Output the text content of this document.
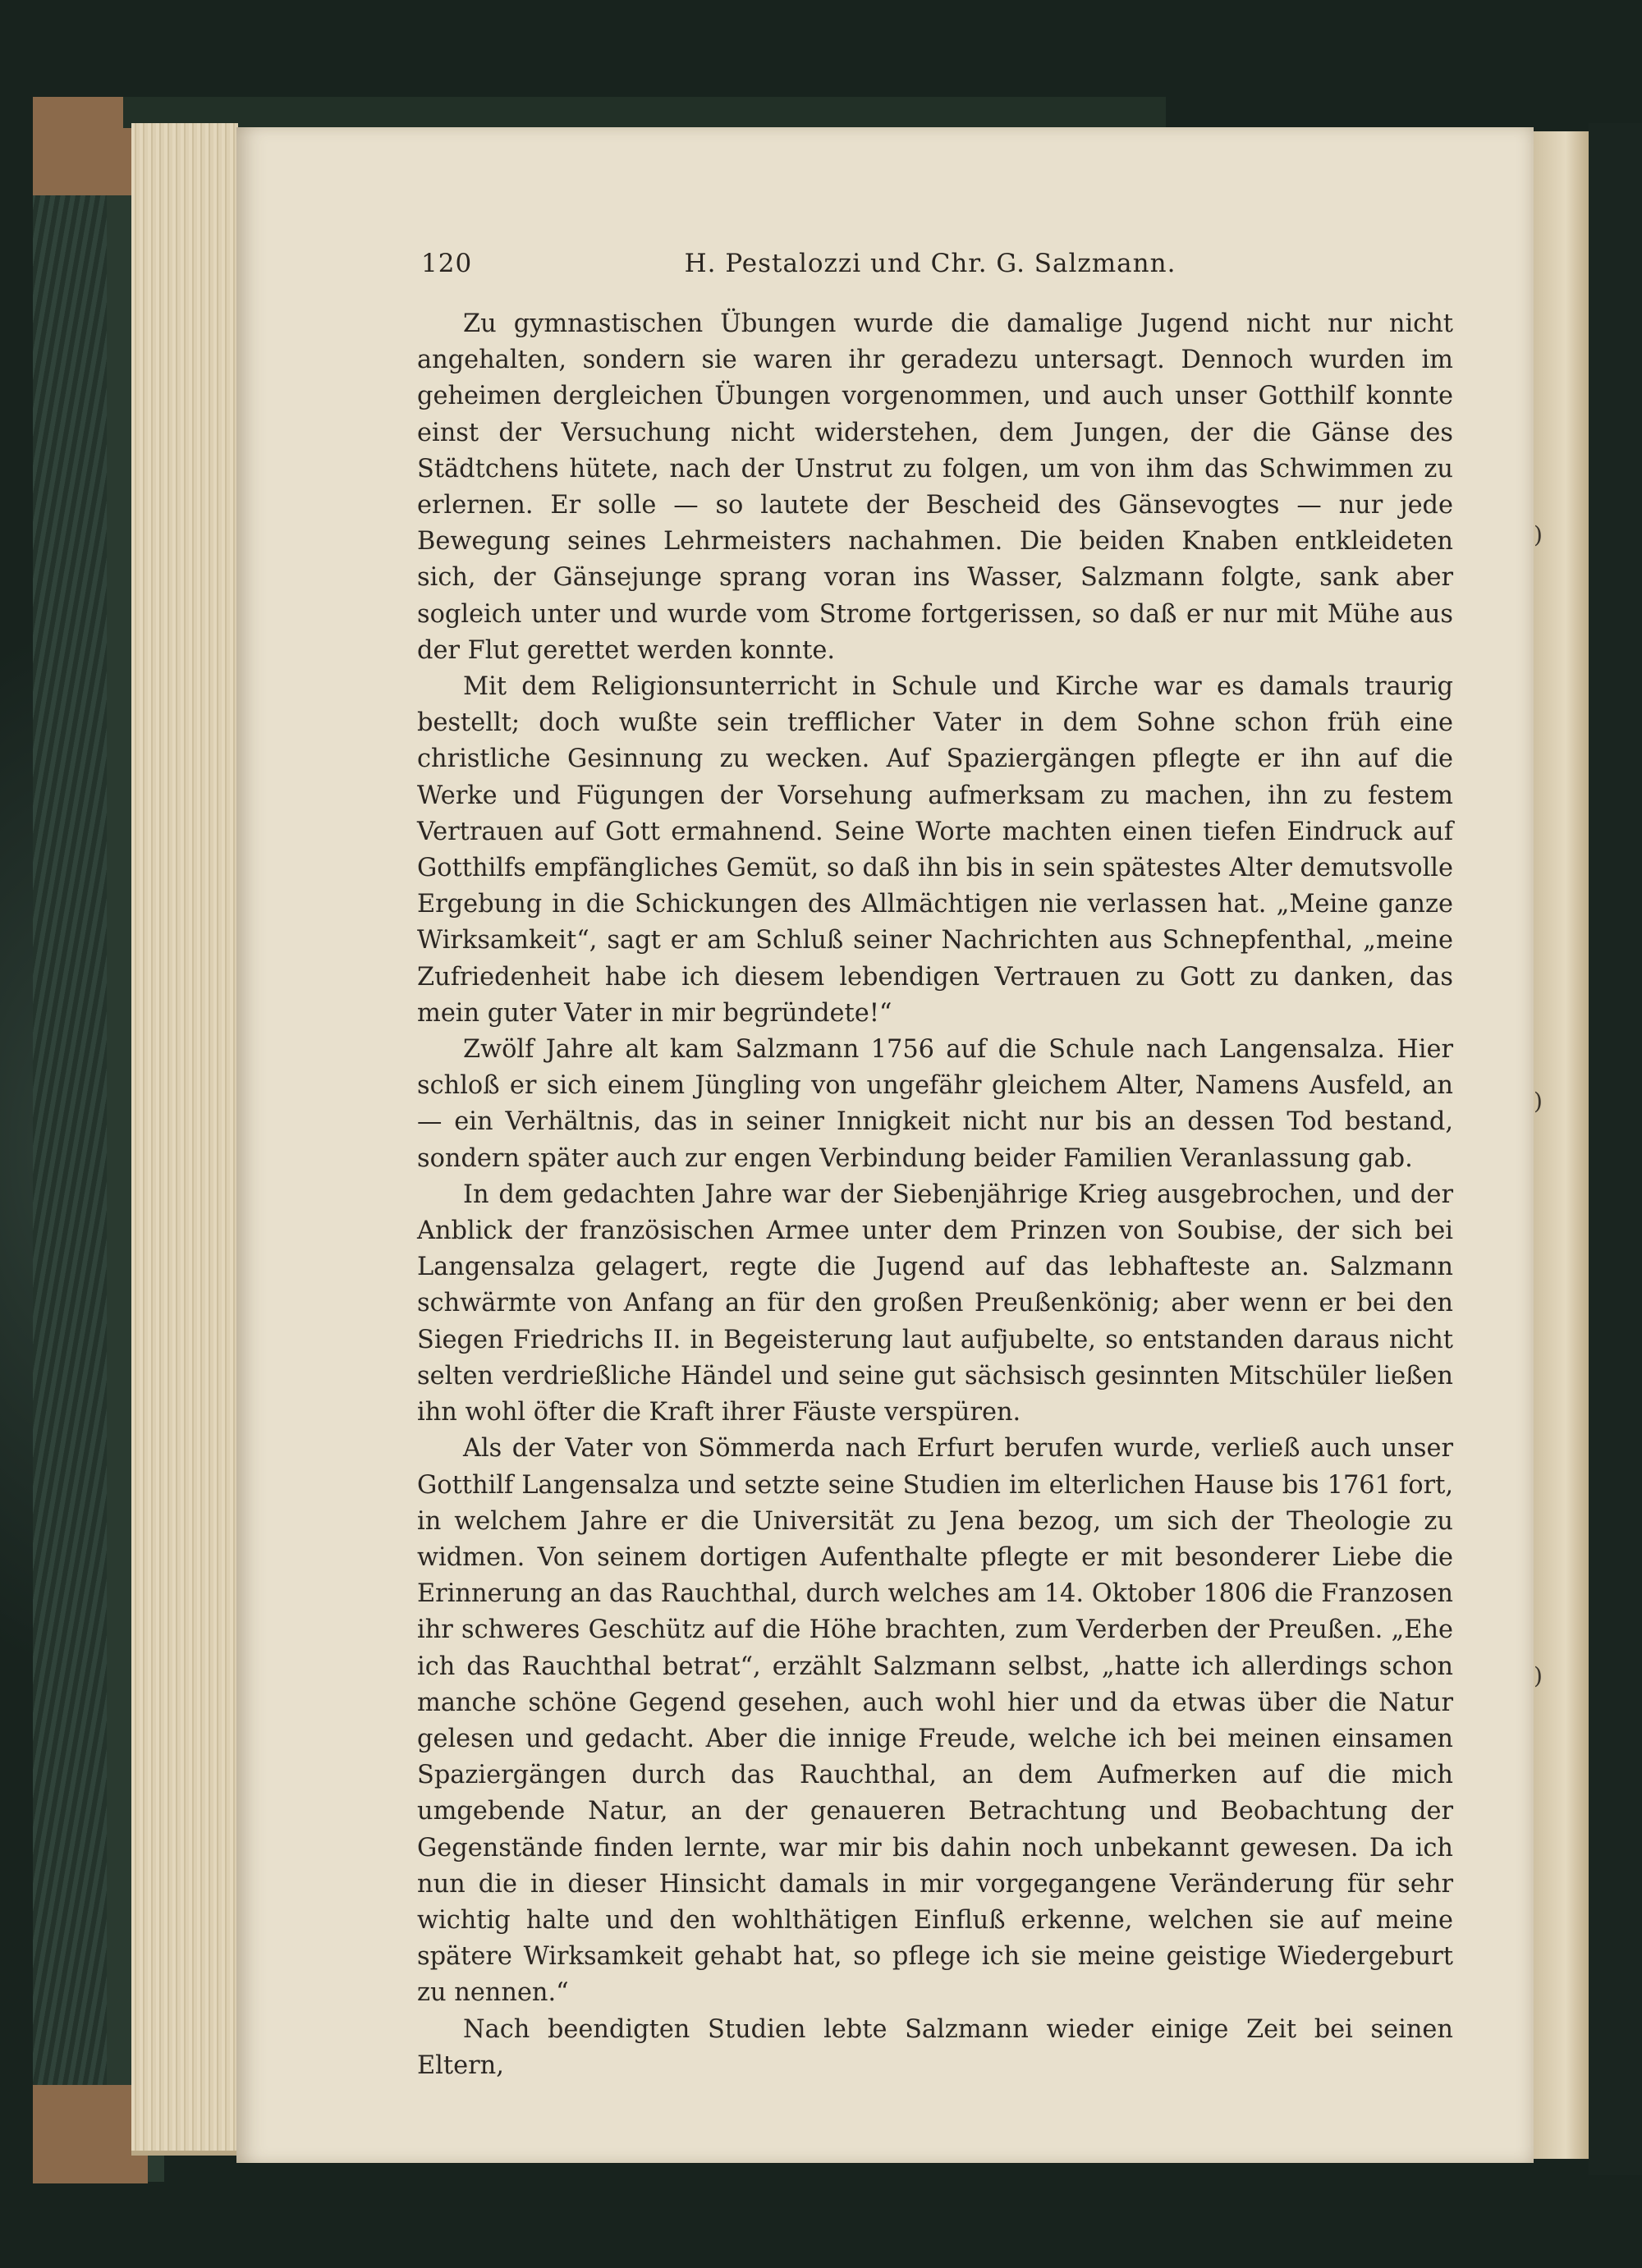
120	H. Pestalozzi und Chr. G. Salzmann.

Zu gymnastischen Übungen wurde die damalige Jugend nicht nur nicht angehalten, sondern sie waren ihr geradezu untersagt. Dennoch wurden im geheimen dergleichen Übungen vorgenommen, und auch unser Gotthilf konnte einst der Versuchung nicht widerstehen, dem Jungen, der die Gänse des Städtchens hütete, nach der Unstrut zu folgen, um von ihm das Schwimmen zu erlernen. Er solle — so lautete der Bescheid des Gänsevogtes — nur jede Bewegung seines Lehrmeisters nachahmen. Die beiden Knaben entkleideten sich, der Gänsejunge sprang voran ins Wasser, Salzmann folgte, sank aber sogleich unter und wurde vom Strome fortgerissen, so daß er nur mit Mühe aus der Flut gerettet werden konnte.

Mit dem Religionsunterricht in Schule und Kirche war es damals traurig bestellt; doch wußte sein trefflicher Vater in dem Sohne schon früh eine christliche Gesinnung zu wecken. Auf Spaziergängen pflegte er ihn auf die Werke und Fügungen der Vorsehung aufmerksam zu machen, ihn zu festem Vertrauen auf Gott ermahnend. Seine Worte machten einen tiefen Eindruck auf Gotthilfs empfängliches Gemüt, so daß ihn bis in sein spätestes Alter demutsvolle Ergebung in die Schickungen des Allmächtigen nie verlassen hat. „Meine ganze Wirksamkeit“, sagt er am Schluß seiner Nachrichten aus Schnepfenthal, „meine Zufriedenheit habe ich diesem lebendigen Vertrauen zu Gott zu danken, das mein guter Vater in mir begründete!“

Zwölf Jahre alt kam Salzmann 1756 auf die Schule nach Langensalza. Hier schloß er sich einem Jüngling von ungefähr gleichem Alter, Namens Ausfeld, an — ein Verhältnis, das in seiner Innigkeit nicht nur bis an dessen Tod bestand, sondern später auch zur engen Verbindung beider Familien Veranlassung gab.

In dem gedachten Jahre war der Siebenjährige Krieg ausgebrochen, und der Anblick der französischen Armee unter dem Prinzen von Soubise, der sich bei Langensalza gelagert, regte die Jugend auf das lebhafteste an. Salzmann schwärmte von Anfang an für den großen Preußenkönig; aber wenn er bei den Siegen Friedrichs II. in Begeisterung laut aufjubelte, so entstanden daraus nicht selten verdrießliche Händel und seine gut sächsisch gesinnten Mitschüler ließen ihn wohl öfter die Kraft ihrer Fäuste verspüren.

Als der Vater von Sömmerda nach Erfurt berufen wurde, verließ auch unser Gotthilf Langensalza und setzte seine Studien im elterlichen Hause bis 1761 fort, in welchem Jahre er die Universität zu Jena bezog, um sich der Theologie zu widmen. Von seinem dortigen Aufenthalte pflegte er mit besonderer Liebe die Erinnerung an das Rauchthal, durch welches am 14. Oktober 1806 die Franzosen ihr schweres Geschütz auf die Höhe brachten, zum Verderben der Preußen. „Ehe ich das Rauchthal betrat“, erzählt Salzmann selbst, „hatte ich allerdings schon manche schöne Gegend gesehen, auch wohl hier und da etwas über die Natur gelesen und gedacht. Aber die innige Freude, welche ich bei meinen einsamen Spaziergängen durch das Rauchthal, an dem Aufmerken auf die mich umgebende Natur, an der genaueren Betrachtung und Beobachtung der Gegenstände finden lernte, war mir bis dahin noch unbekannt gewesen. Da ich nun die in dieser Hinsicht damals in mir vorgegangene Veränderung für sehr wichtig halte und den wohlthätigen Einfluß erkenne, welchen sie auf meine spätere Wirksamkeit gehabt hat, so pflege ich sie meine geistige Wiedergeburt zu nennen.“

Nach beendigten Studien lebte Salzmann wieder einige Zeit bei seinen Eltern,

)
)
)
